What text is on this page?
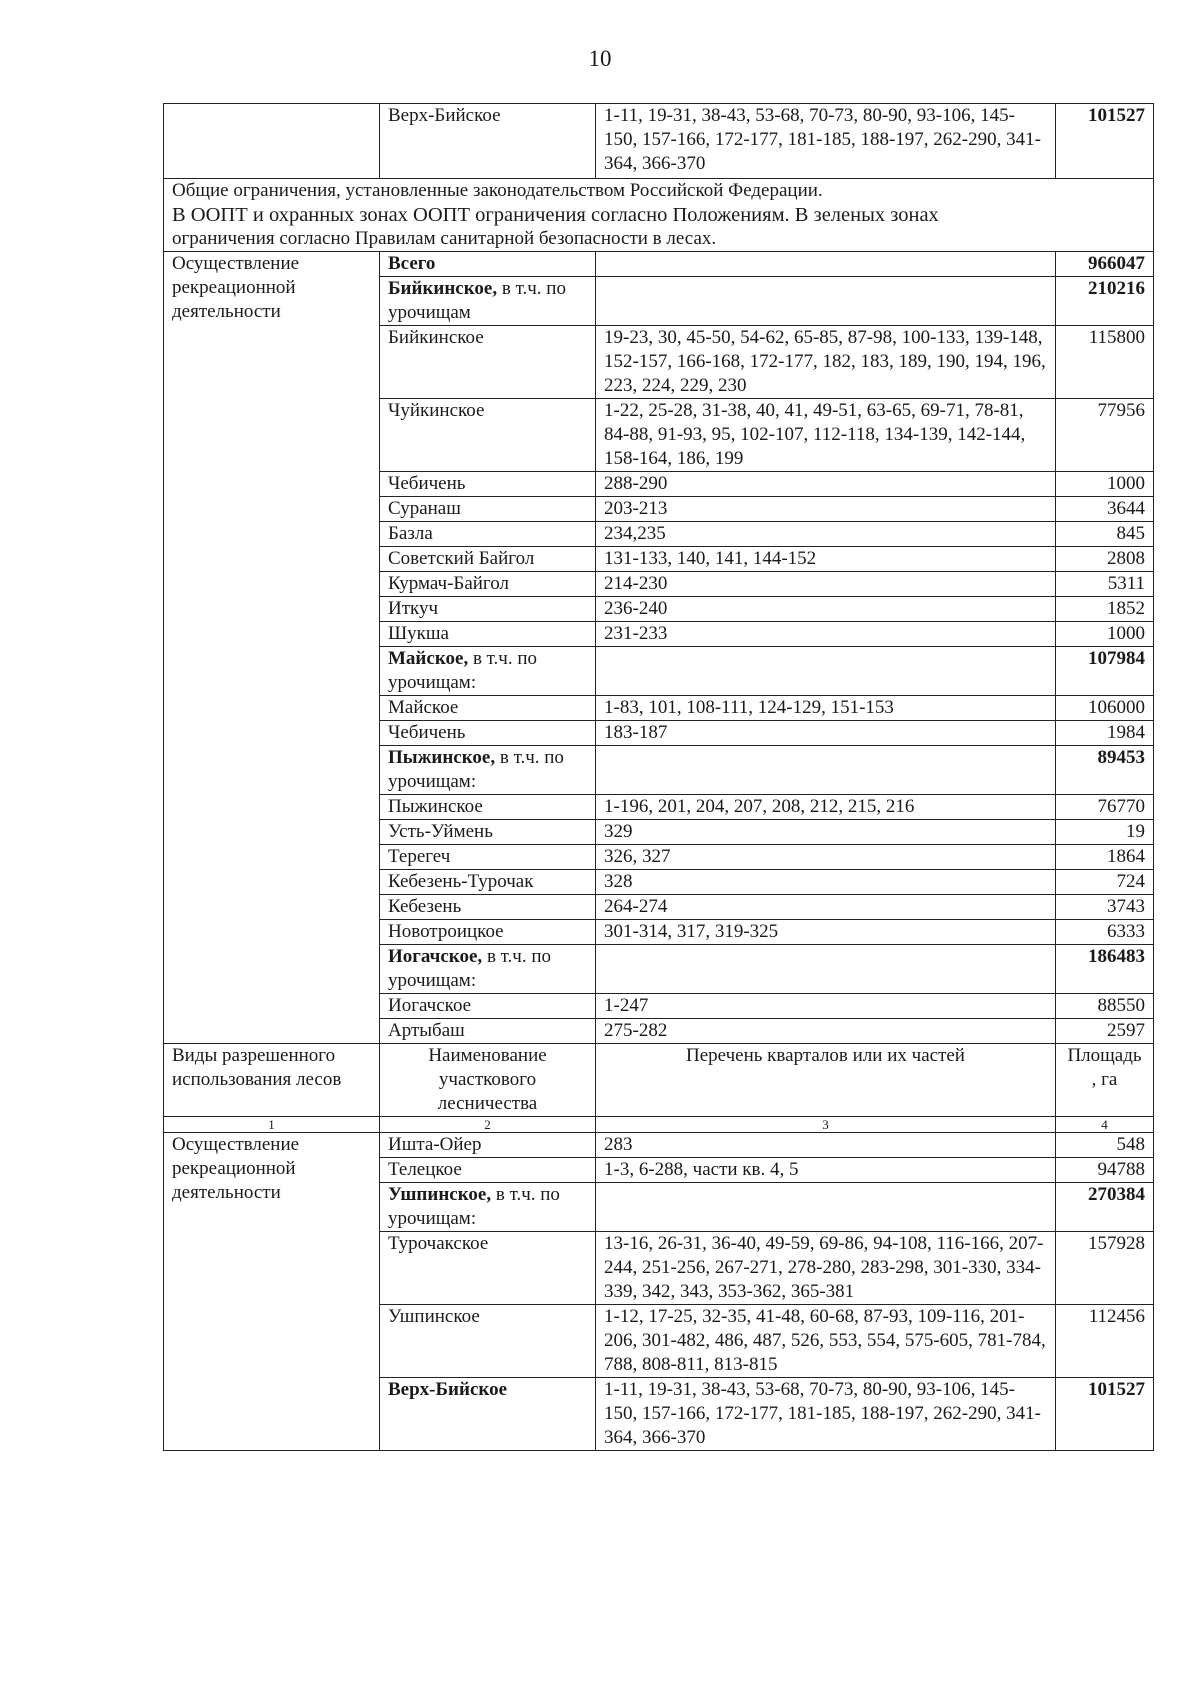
10
	Верх-Бийское	1-11, 19-31, 38-43, 53-68, 70-73, 80-90, 93-106, 145-150, 157-166, 172-177, 181-185, 188-197, 262-290, 341-364, 366-370	101527

Общие ограничения, установленные законодательством Российской Федерации.
В ООПТ и охранных зонах ООПТ ограничения согласно Положениям. В зеленых зонах
ограничения согласно Правилам санитарной безопасности в лесах.			

Осуществление рекреационной деятельности	Всего		966047
	Бийкинское, в т.ч. по урочищам		210216
	Бийкинское	19-23, 30, 45-50, 54-62, 65-85, 87-98, 100-133, 139-148, 152-157, 166-168, 172-177, 182, 183, 189, 190, 194, 196, 223, 224, 229, 230	115800
	Чуйкинское	1-22, 25-28, 31-38, 40, 41, 49-51, 63-65, 69-71, 78-81, 84-88, 91-93, 95, 102-107, 112-118, 134-139, 142-144, 158-164, 186, 199	77956
	Чебичень	288-290	1000
	Суранаш	203-213	3644
	Базла	234,235	845
	Советский Байгол	131-133, 140, 141, 144-152	2808
	Курмач-Байгол	214-230	5311
	Иткуч	236-240	1852
	Шукша	231-233	1000
	Майское, в т.ч. по урочищам:		107984
	Майское	1-83, 101, 108-111, 124-129, 151-153	106000
	Чебичень	183-187	1984
	Пыжинское, в т.ч. по урочищам:		89453
	Пыжинское	1-196, 201, 204, 207, 208, 212, 215, 216	76770
	Усть-Уймень	329	19
	Терегеч	326, 327	1864
	Кебезень-Турочак	328	724
	Кебезень	264-274	3743
	Новотроицкое	301-314, 317, 319-325	6333
	Иогачское, в т.ч. по урочищам:		186483
	Иогачское	1-247	88550
	Артыбаш	275-282	2597
Виды разрешенного использования лесов	Наименование участкового лесничества	Перечень кварталов или их частей	Площадь , га
1	2	3	4
Осуществление рекреационной деятельности	Ишта-Ойер	283	548
	Телецкое	1-3, 6-288, части кв. 4, 5	94788
	Ушпинское, в т.ч. по урочищам:		270384
	Турочакское	13-16, 26-31, 36-40, 49-59, 69-86, 94-108, 116-166, 207-244, 251-256, 267-271, 278-280, 283-298, 301-330, 334-339, 342, 343, 353-362, 365-381	157928
	Ушпинское	1-12, 17-25, 32-35, 41-48, 60-68, 87-93, 109-116, 201-206, 301-482, 486, 487, 526, 553, 554, 575-605, 781-784, 788, 808-811, 813-815	112456
	Верх-Бийское	1-11, 19-31, 38-43, 53-68, 70-73, 80-90, 93-106, 145-150, 157-166, 172-177, 181-185, 188-197, 262-290, 341-364, 366-370	101527
